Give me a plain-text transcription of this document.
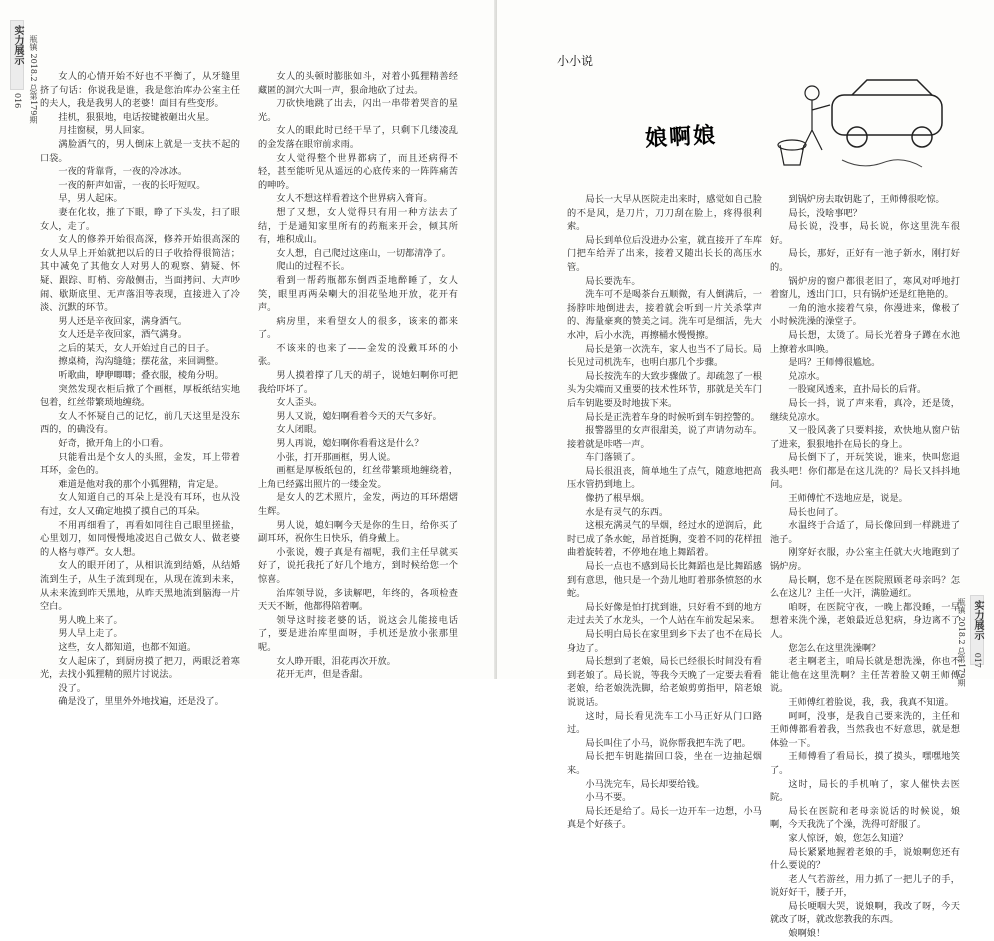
实力展示
016 瓶镇 2018.2 总第179期	女人的心情开始不好也不平衡了，从牙缝里挤了句话：你说我是谁，我是您治库办公室主任的夫人，我是我男人的老婆！面目有些变形。

挂机，狠狠地，电话按键被砸出火星。

月挂窗棂，男人回家。

满脸酒气的，男人倒床上就是一支扶不起的口袋。

一夜的背靠背，一夜的冷冰冰。

一夜的鼾声如雷，一夜的长吁短叹。

早，男人起床。

妻在化妆，推了下眼，睁了下头发，扫了眼女人，走了。

女人的修养开始很高深，修养开始很高深的女人从早上开始就把以后的日子收拾得很简洁；其中减免了其他女人对男人的观察、猜疑、怀疑、跟踪、盯梢、旁敲侧击，当面拷问、大声吵闹、歇斯底里、无声落泪等表现，直接进入了冷淡、沉默的环节。

男人还是辛夜回家，满身酒气。

女人还是辛夜回家，酒气满身。

之后的某天，女人开始过自己的日子。

擦桌椅，沟沟缝缝；摆花盆，来回调整。

听歌曲，咿咿唧唧；叠衣服，棱角分明。

突然发现衣柜后掀了个画框，厚板纸结实地包着，红丝带繁琐地缠绕。

女人不怀疑自己的记忆，前几天这里是没东西的，的确没有。

好奇，掀开角上的小口看。

只能看出是个女人的头照，金发，耳上带着耳环，金色的。

难道是他对我的那个小狐狸精，肯定是。

女人知道自己的耳朵上是没有耳环，也从没有过，女人又确定地摸了摸自己的耳朵。

不用再细看了，再看如同往自己眼里搓盐，心里划刀，如同慢慢地凌迟自己做女人、做老婆的人格与尊严。女人想。

女人的眼开闭了，从相识流到结婚，从结婚流到生子，从生子流到现在，从现在流到未来，从未来流到昨天黑地，从昨天黑地流到脑海一片空白。

男人晚上来了。

男人早上走了。

这些，女人都知道，也都不知道。

女人起床了，到厨房摸了把刀，两眼泛着寒光，去找小狐狸精的照片讨说法。

没了。

确是没了，里里外外地找遍，还是没了。

女人的头顿时膨胀如斗，对着小狐狸精善经藏匿的洞穴大叫一声，狠命地砍了过去。

刀砍快地跳了出去，闪出一串带着哭音的星光。

女人的眼此时已经干旱了，只剩下几缕凌乱的金发落在眼帘前求雨。

女人觉得整个世界都病了，而且还病得不轻，甚至能听见从遥远的心底传来的一阵阵痛苦的呻吟。

女人不想这样看着这个世界病入膏肓。

想了又想，女人觉得只有用一种方法去了结，于是通知家里所有的药瓶来开会，倾其所有，堆积成山。

女人想，自己爬过这座山，一切都清净了。

爬山的过程不长。

看到一帮药瓶都东倒西歪地醉睡了，女人笑，眼里再两朵喇大的泪花坠地开放，花开有声。

病房里，来看望女人的很多，该来的都来了。

不该来的也来了——金发的没戴耳环的小张。

男人摸着撑了几天的胡子，说她妇啊你可把我给吓坏了。

女人歪头。

男人又说，媳妇啊看着今天的天气多好。

女人闭眼。

男人再说，媳妇啊你看看这是什么？

小张，打开那画框，男人说。

画框是厚板纸包的，红丝带繁琐地缠绕着，上角已经露出照片的一缕金发。

是女人的艺术照片，金发，两边的耳环熠熠生辉。

男人说，媳妇啊今天是你的生日，给你买了副耳环，祝你生日快乐，俏身戴上。

小张说，嫂子真是有福呢，我们主任早就买好了，说托我托了好几个地方，到时候给您一个惊喜。

治库领导说，多读解吧，年终的，各项检查天天不断，他都得陪着啊。

领导这时接老婆的话，说这会儿能接电话了，要是进治库里面呀，手机还是放小张那里呢。

女人睁开眼，泪花再次开放。

花开无声，但是香甜。

小小说
娘啊娘

局长一大早从医院走出来时，感觉如自己脸的不是风，是刀片，刀刀刮在脸上，疼得很利索。

局长到单位后没进办公室，就直接开了车库门把车给弄了出来，接着又随出长长的高压水管。

局长要洗车。

洗车可不是喝茶台五顺微，有人倒满后，一扬脖咔地倒进去，接着就会听到一片关杀掌声的、海量豪爽的赞美之词。洗车可是细活，先大水冲，后小水洗，再擦桶水慢慢擦。

局长是第一次洗车，家人也当不了局长。局长见过司机洗车，也明白那几个步骤。

局长按洗车的大致步骤做了。却疏忽了一根头为尖端而又重要的技术性环节，那就是关车门后车钥匙要及时地拔下来。

局长是正洗着车身的时候听到车钥控警的。

报警器里的女声很甜美，说了声请勿动车。接着就是咔嗒一声。

车门落锁了。

局长很沮丧，简单地生了点气，随意地把高压水管扔到地上。

像扔了根旱烟。

水是有灵气的东西。

这根充满灵气的旱烟，经过水的逆润后，此时已成了条水蛇，昂首挺胸，变着不同的花样扭曲着旋转着，不停地在地上舞蹈着。

局长一点也不感到局长比舞蹈也是比舞蹈感到有意思，他只是一个劲儿地盯着那条愤怒的水蛇。

局长好像是怕打扰到谁，只好看不到的地方走过去关了水龙头，一个人站在车前发起呆来。

局长明白局长在家里到乡下去了也不在局长身边了。

局长想到了老娘，局长已经很长时间没有看到老娘了。局长说，等我今天晚了一定要去看看老娘，给老娘洗洗脚，给老娘剪剪指甲，陪老娘说说话。

这时，局长看见洗车工小马正好从门口路过。

局长叫住了小马，说你帮我把车洗了吧。

局长把车钥匙揣回口袋，坐在一边抽起烟来。

小马洗完车，局长却要给钱。

小马不要。

局长还是给了。局长一边开车一边想，小马真是个好孩子。

到锅炉房去取钥匙了，王师傅很吃惊。

局长，没啥事吧？

局长说，没事，局长说，你这里洗车很好。

局长，那好，正好有一池子新水，刚打好的。

锅炉房的窗户都很老旧了，寒风对呼地打着窗儿，透出门口，只有锅炉还是红艳艳的。

一角的池水接着气泉，你漫进来，像极了小时候洗澡的澡堂子。

局长想，太烫了。局长光着身子蹲在水池上撩着水叫唤。

是吗？王师傅很尴尬。

兑凉水。

一股窥风透来，直扑局长的后背。

局长一抖，说了声来看，真冷，还是烫，继续兑凉水。

又一股风袭了只要料接，欢快地从窗户钻了进来，狠狠地扑在局长的身上。

局长倒下了，开玩笑说，谁来，快叫您退我头吧！你们都是在这儿洗的？局长又抖抖地问。

王师傅忙不迭地应是，说是。

局长也问了。

水温终于合适了，局长像回到一样跳进了池子。

刚穿好衣服，办公室主任就大火地跑到了锅炉房。

局长啊，您不是在医院照顾老母亲吗？怎么在这儿？主任一火汗，满脸通红。

咱呀，在医院守夜，一晚上都没睡，一早想着来洗个澡，老娘最近总犯病，身边离不了人。

您怎么在这里洗澡啊？

老主啊老主，咱局长就是想洗澡，你也不能让他在这里洗啊？主任苦着脸又朝王师傅说。

王师傅红着脸说，我，我，我真不知道。

呵呵，没事，是我自己要来洗的，主任和王师傅都看着我，当然我也不好意思，就是想体验一下。

王师傅看了看局长，摸了摸头，嘿嘿地笑了。

这时，局长的手机响了，家人催快去医院。

局长在医院和老母亲说话的时候说，娘啊，今天我洗了个澡，洗得可舒服了。

家人惊讶，娘，您怎么知道？

局长紧紧地握着老娘的手，说娘啊您还有什么要说的？

老人气若游丝，用力抓了一把儿子的手，说好好干，腰子开，

局长哽咽大哭，说娘啊，我改了呀，今天就改了呀，就改您教我的东西。

娘啊娘！

实力展示
017
瓶镇 2018.2 总第179期
